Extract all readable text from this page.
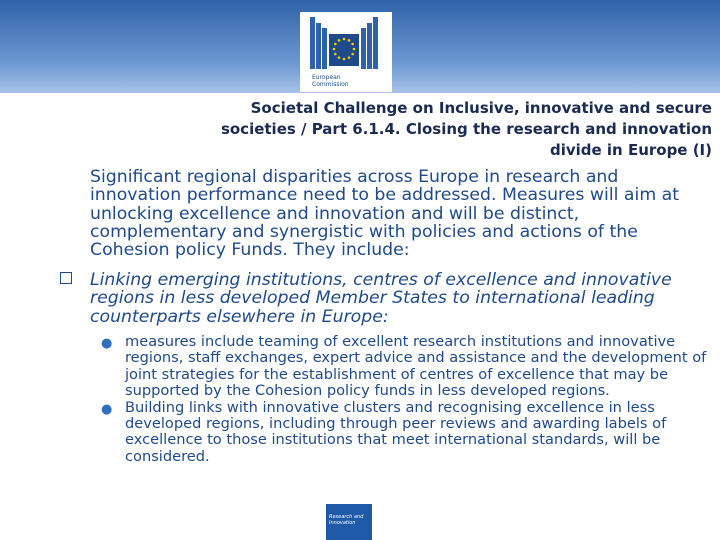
European
Commission
Societal Challenge on Inclusive, innovative and secure
societies / Part 6.1.4. Closing the research and innovation
divide in Europe (I)
Significant regional disparities across Europe in research and innovation performance need to be addressed. Measures will aim at unlocking excellence and innovation and will be distinct, complementary and synergistic with policies and actions of the Cohesion policy Funds. They include:
Linking emerging institutions, centres of excellence and innovative regions in less developed Member States to international leading counterparts elsewhere in Europe:
● measures include teaming of excellent research institutions and innovative regions, staff exchanges, expert advice and assistance and the development of joint strategies for the establishment of centres of excellence that may be supported by the Cohesion policy funds in less developed regions.
● Building links with innovative clusters and recognising excellence in less developed regions, including through peer reviews and awarding labels of excellence to those institutions that meet international standards, will be considered.
Research and
Innovation
